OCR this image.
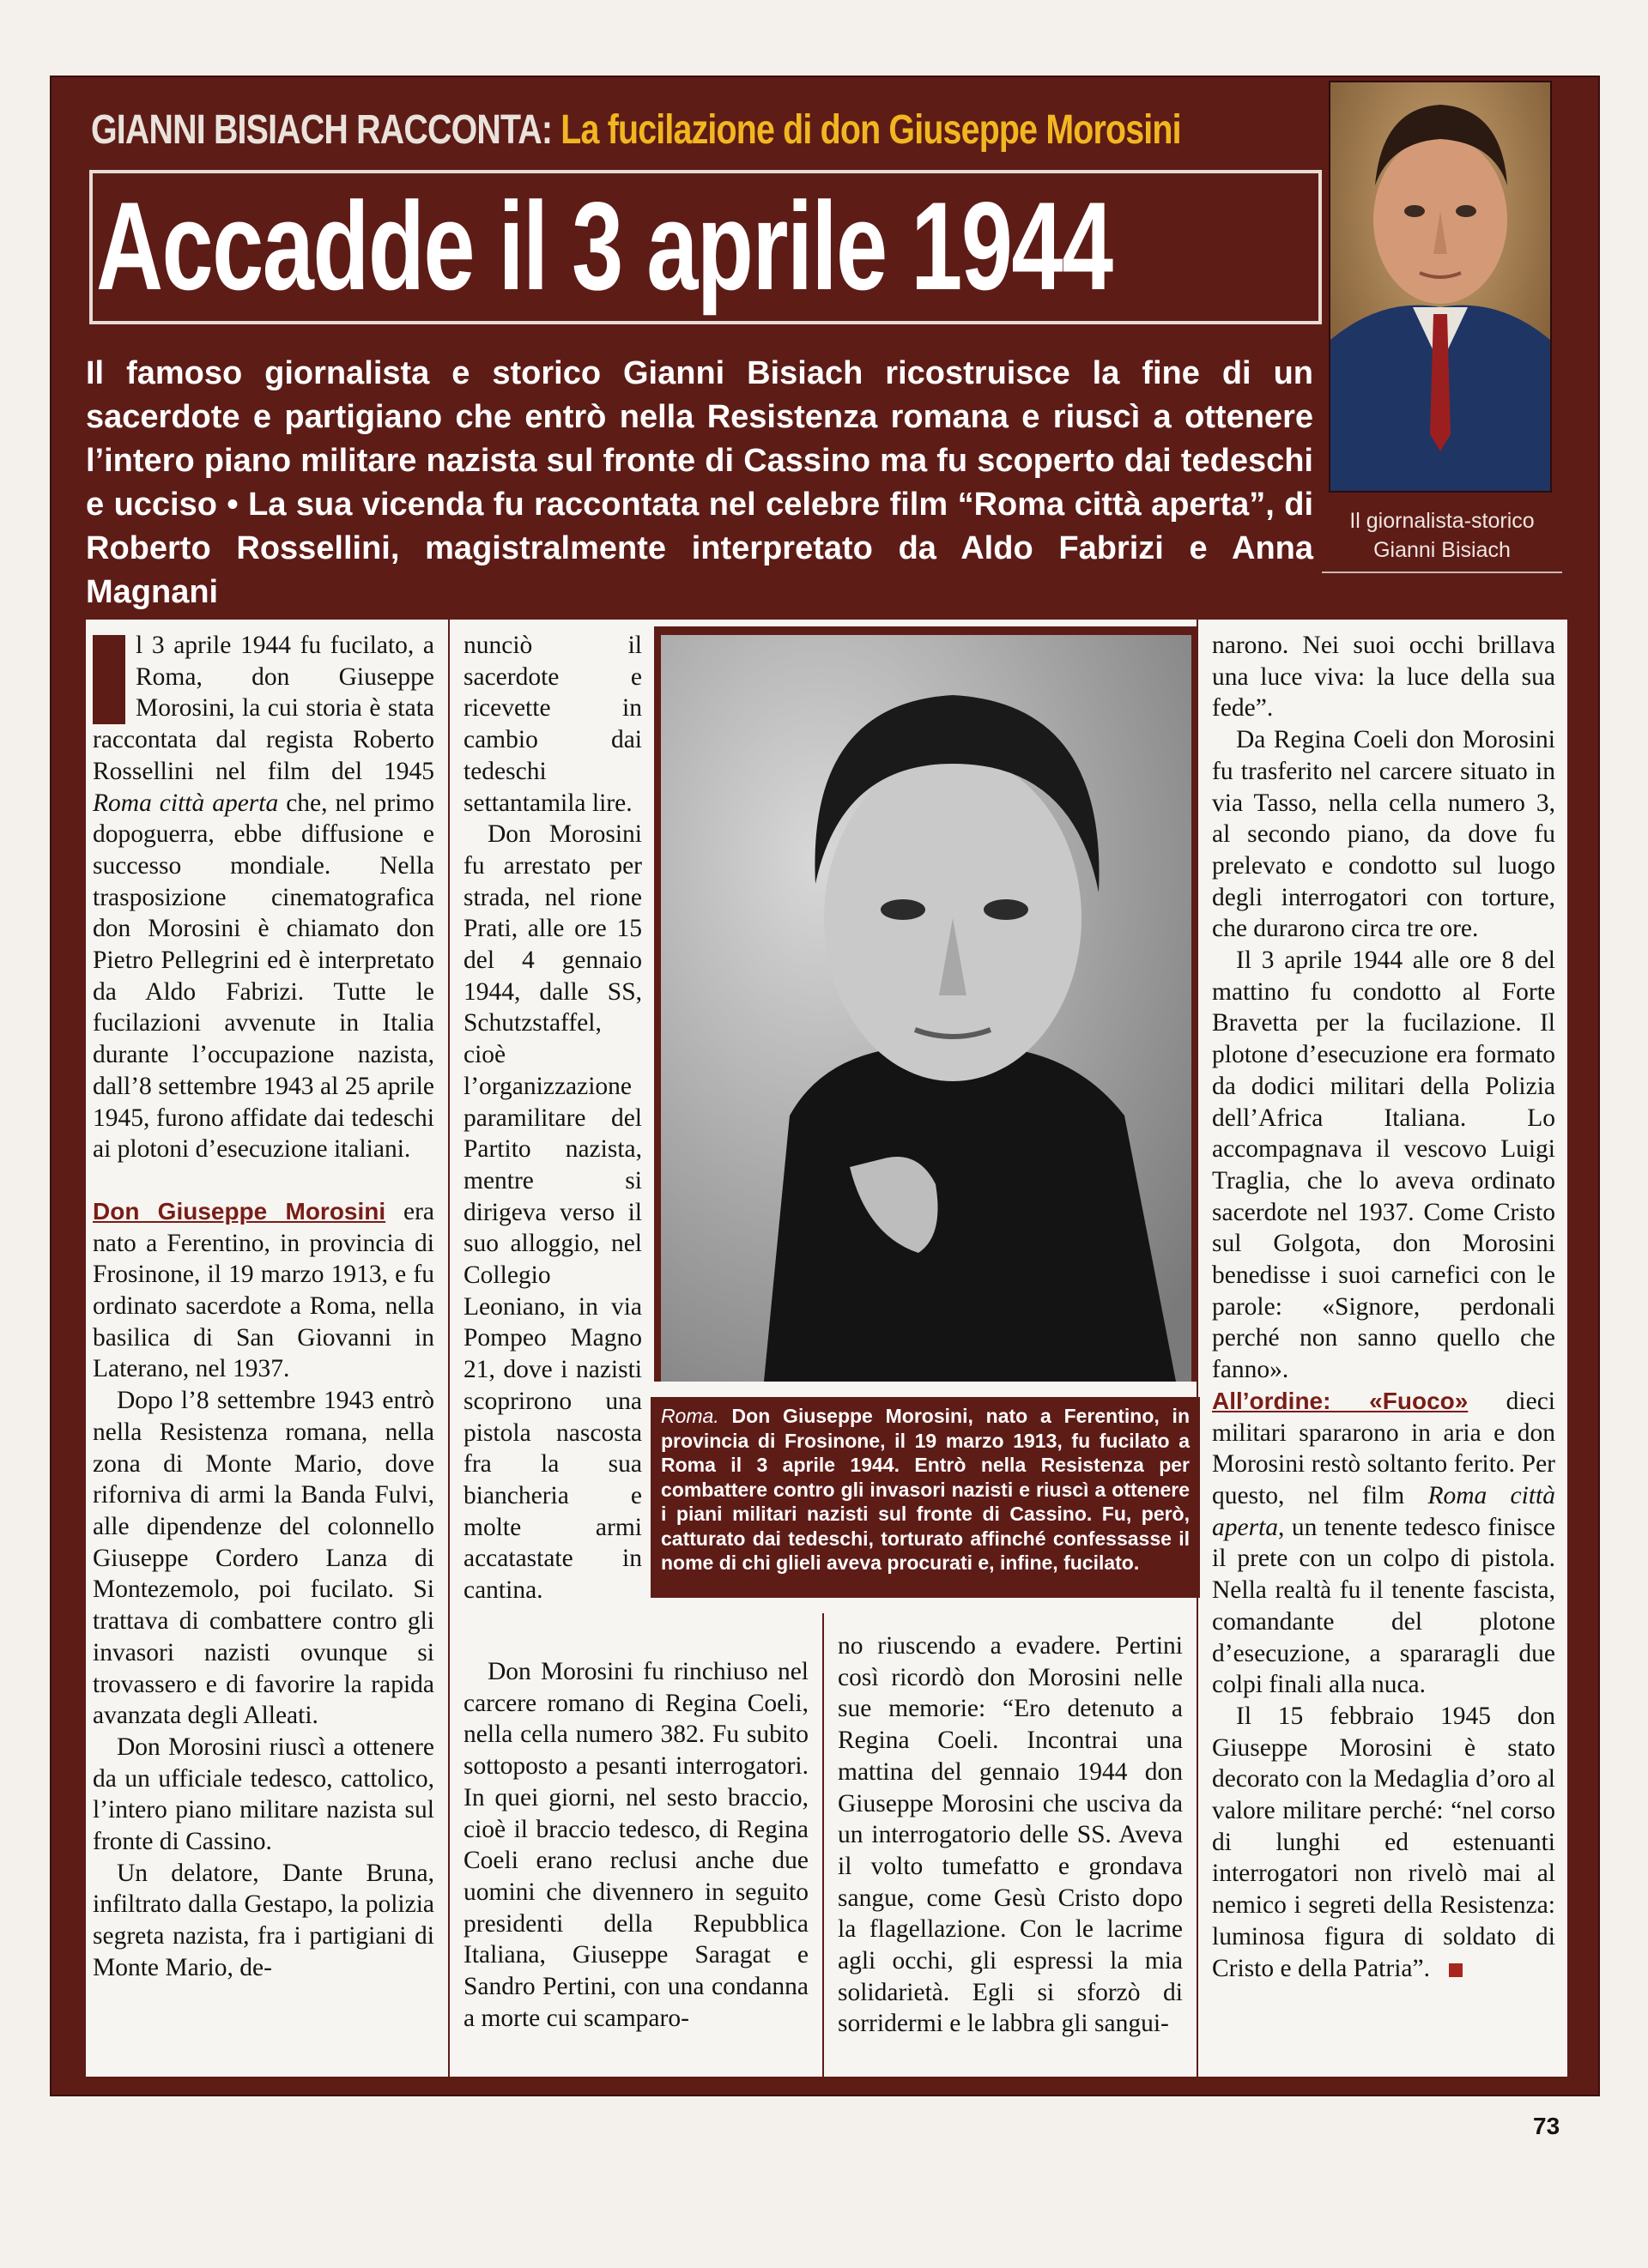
GIANNI BISIACH RACCONTA: La fucilazione di don Giuseppe Morosini
Accadde il 3 aprile 1944
Il famoso giornalista e storico Gianni Bisiach ricostruisce la fine di un sacerdote e partigiano che entrò nella Resistenza romana e riuscì a ottenere l’intero piano militare nazista sul fronte di Cassino ma fu scoperto dai tedeschi e ucciso • La sua vicenda fu raccontata nel celebre film “Roma città aperta”, di Roberto Rossellini, magistralmente interpretato da Aldo Fabrizi e Anna Magnani
Il giornalista-storico
Gianni Bisiach

l 3 aprile 1944 fu fucilato, a Roma, don Giuseppe Morosini, la cui storia è stata raccontata dal regista Roberto Rossellini nel film del 1945 Roma città aperta che, nel primo dopoguerra, ebbe diffusione e successo mondiale. Nella trasposizione cinematografica don Morosini è chiamato don Pietro Pellegrini ed è interpretato da Aldo Fabrizi. Tutte le fucilazioni avvenute in Italia durante l’occupazione nazista, dall’8 settembre 1943 al 25 aprile 1945, furono affidate dai tedeschi ai plotoni d’esecuzione italiani.

Don Giuseppe Morosini era nato a Ferentino, in provincia di Frosinone, il 19 marzo 1913, e fu ordinato sacerdote a Roma, nella basilica di San Giovanni in Laterano, nel 1937.

Dopo l’8 settembre 1943 entrò nella Resistenza romana, nella zona di Monte Mario, dove riforniva di armi la Banda Fulvi, alle dipendenze del colonnello Giuseppe Cordero Lanza di Montezemolo, poi fucilato. Si trattava di combattere contro gli invasori nazisti ovunque si trovassero e di favorire la rapida avanzata degli Alleati.

Don Morosini riuscì a ottenere da un ufficiale tedesco, cattolico, l’intero piano militare nazista sul fronte di Cassino.

Un delatore, Dante Bruna, infiltrato dalla Gestapo, la polizia segreta nazista, fra i partigiani di Monte Mario, de-

nunciò il sacerdote e ricevette in cambio dai tedeschi settantamila lire.

Don Morosini fu arrestato per strada, nel rione Prati, alle ore 15 del 4 gennaio 1944, dalle SS, Schutzstaffel, cioè l’organizzazione paramilitare del Partito nazista, mentre si dirigeva verso il suo alloggio, nel Collegio Leoniano, in via Pompeo Magno 21, dove i nazisti scoprirono una pistola nascosta fra la sua biancheria e molte armi accatastate in cantina.

Don Morosini fu rinchiuso nel carcere romano di Regina Coeli, nella cella numero 382. Fu subito sottoposto a pesanti interrogatori. In quei giorni, nel sesto braccio, cioè il braccio tedesco, di Regina Coeli erano reclusi anche due uomini che divennero in seguito presidenti della Repubblica Italiana, Giuseppe Saragat e Sandro Pertini, con una condanna a morte cui scamparo-

no riuscendo a evadere. Pertini così ricordò don Morosini nelle sue memorie: “Ero detenuto a Regina Coeli. Incontrai una mattina del gennaio 1944 don Giuseppe Morosini che usciva da un interrogatorio delle SS. Aveva il volto tumefatto e grondava sangue, come Gesù Cristo dopo la flagellazione. Con le lacrime agli occhi, gli espressi la mia solidarietà. Egli si sforzò di sorridermi e le labbra gli sangui-

narono. Nei suoi occhi brillava una luce viva: la luce della sua fede”.

Da Regina Coeli don Morosini fu trasferito nel carcere situato in via Tasso, nella cella numero 3, al secondo piano, da dove fu prelevato e condotto sul luogo degli interrogatori con torture, che durarono circa tre ore.

Il 3 aprile 1944 alle ore 8 del mattino fu condotto al Forte Bravetta per la fucilazione. Il plotone d’esecuzione era formato da dodici militari della Polizia dell’Africa Italiana. Lo accompagnava il vescovo Luigi Traglia, che lo aveva ordinato sacerdote nel 1937. Come Cristo sul Golgota, don Morosini benedisse i suoi carnefici con le parole: «Signore, perdonali perché non sanno quello che fanno».

All’ordine: «Fuoco» dieci militari spararono in aria e don Morosini restò soltanto ferito. Per questo, nel film Roma città aperta, un tenente tedesco finisce il prete con un colpo di pistola. Nella realtà fu il tenente fascista, comandante del plotone d’esecuzione, a spararagli due colpi finali alla nuca.

Il 15 febbraio 1945 don Giuseppe Morosini è stato decorato con la Medaglia d’oro al valore militare perché: “nel corso di lunghi ed estenuanti interrogatori non rivelò mai al nemico i segreti della Resistenza: luminosa figura di soldato di Cristo e della Patria”.

Roma. Don Giuseppe Morosini, nato a Ferentino, in provincia di Frosinone, il 19 marzo 1913, fu fucilato a Roma il 3 aprile 1944. Entrò nella Resistenza per combattere contro gli invasori nazisti e riuscì a ottenere i piani militari nazisti sul fronte di Cassino. Fu, però, catturato dai tedeschi, torturato affinché confessasse il nome di chi glieli aveva procurati e, infine, fucilato.
73
